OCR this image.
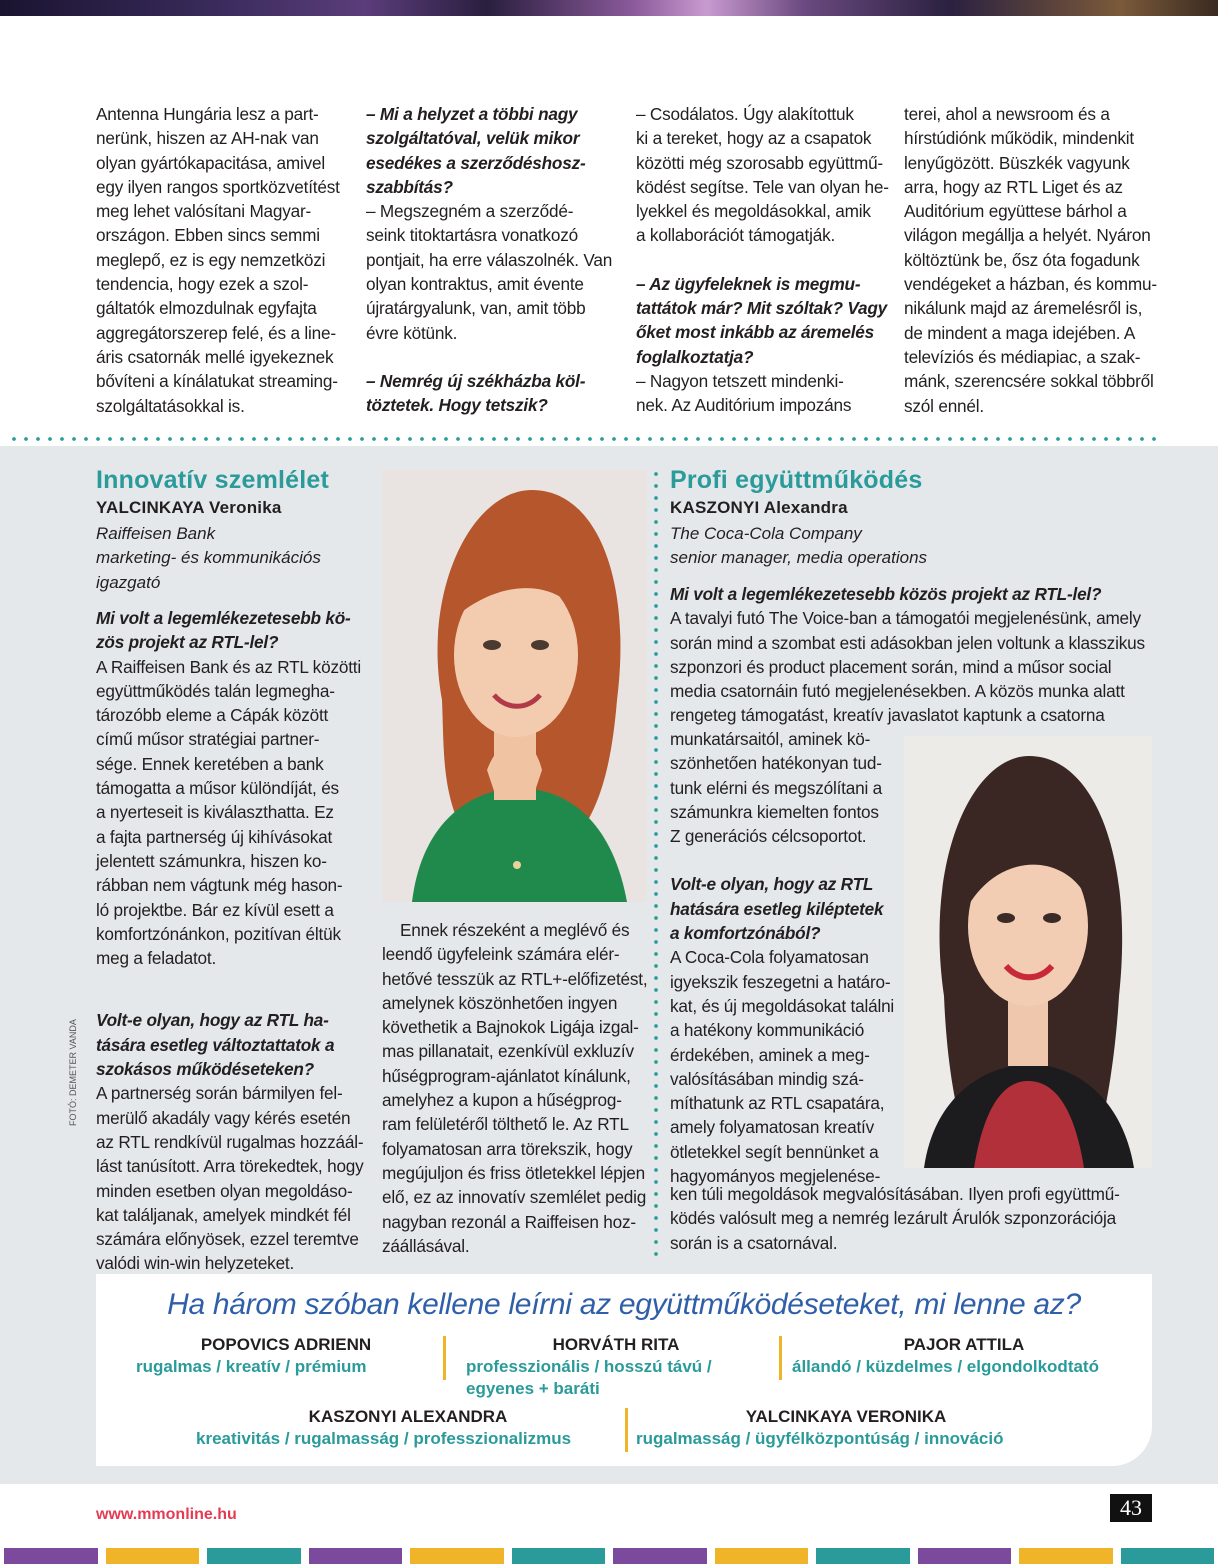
Antenna Hungária lesz a part-
nerünk, hiszen az AH-nak van
olyan gyártókapacitása, amivel
egy ilyen rangos sportközvetítést
meg lehet valósítani Magyar-
országon. Ebben sincs semmi
meglepő, ez is egy nemzetközi
tendencia, hogy ezek a szol-
gáltatók elmozdulnak egyfajta
aggregátorszerep felé, és a line-
áris csatornák mellé igyekeznek
bővíteni a kínálatukat streaming-
szolgáltatásokkal is.
– Mi a helyzet a többi nagy
szolgáltatóval, velük mikor
esedékes a szerződéshosz-
szabbítás?
– Megszegném a szerződé-
seink titoktartásra vonatkozó
pontjait, ha erre válaszolnék. Van
olyan kontraktus, amit évente
újratárgyalunk, van, amit több
évre kötünk.
– Nemrég új székházba köl-
töztetek. Hogy tetszik?
– Csodálatos. Úgy alakítottuk
ki a tereket, hogy az a csapatok
közötti még szorosabb együttmű-
ködést segítse. Tele van olyan he-
lyekkel és megoldásokkal, amik
a kollaborációt támogatják.
– Az ügyfeleknek is megmu-
tattátok már? Mit szóltak? Vagy
őket most inkább az áremelés
foglalkoztatja?
– Nagyon tetszett mindenki-
nek. Az Auditórium impozáns
terei, ahol a newsroom és a
hírstúdiónk működik, mindenkit
lenyűgözött. Büszkék vagyunk
arra, hogy az RTL Liget és az
Auditórium együttese bárhol a
világon megállja a helyét. Nyáron
költöztünk be, ősz óta fogadunk
vendégeket a házban, és kommu-
nikálunk majd az áremelésről is,
de mindent a maga idejében. A
televíziós és médiapiac, a szak-
mánk, szerencsére sokkal többről
szól ennél.
Innovatív szemlélet
YALCINKAYA Veronika
Raiffeisen Bank
marketing- és kommunikációs
igazgató
Mi volt a legemlékezetesebb kö-
zös projekt az RTL-lel?
A Raiffeisen Bank és az RTL közötti
együttműködés talán legmegha-
tározóbb eleme a Cápák között
című műsor stratégiai partner-
sége. Ennek keretében a bank
támogatta a műsor különdíját, és
a nyerteseit is kiválaszthatta. Ez
a fajta partnerség új kihívásokat
jelentett számunkra, hiszen ko-
rábban nem vágtunk még hason-
ló projektbe. Bár ez kívül esett a
komfortzónánkon, pozitívan éltük
meg a feladatot.
Volt-e olyan, hogy az RTL ha-
tására esetleg változtattatok a
szokásos működéseteken?
A partnerség során bármilyen fel-
merülő akadály vagy kérés esetén
az RTL rendkívül rugalmas hozzáál-
lást tanúsított. Arra törekedtek, hogy
minden esetben olyan megoldáso-
kat találjanak, amelyek mindkét fél
számára előnyösek, ezzel teremtve
valódi win-win helyzeteket.
Ennek részeként a meglévő és
leendő ügyfeleink számára elér-
hetővé tesszük az RTL+-előfizetést,
amelynek köszönhetően ingyen
követhetik a Bajnokok Ligája izgal-
mas pillanatait, ezenkívül exkluzív
hűségprogram-ajánlatot kínálunk,
amelyhez a kupon a hűségprog-
ram felületéről tölthető le. Az RTL
folyamatosan arra törekszik, hogy
megújuljon és friss ötletekkel lépjen
elő, ez az innovatív szemlélet pedig
nagyban rezonál a Raiffeisen hoz-
záállásával.
FOTÓ: DEMETER VANDA
Profi együttműködés
KASZONYI Alexandra
The Coca-Cola Company
senior manager, media operations
Mi volt a legemlékezetesebb közös projekt az RTL-lel?
A tavalyi futó The Voice-ban a támogatói megjelenésünk, amely
során mind a szombat esti adásokban jelen voltunk a klasszikus
szponzori és product placement során, mind a műsor social
media csatornáin futó megjelenésekben. A közös munka alatt
rengeteg támogatást, kreatív javaslatot kaptunk a csatorna
munkatársaitól, aminek kö-
szönhetően hatékonyan tud-
tunk elérni és megszólítani a
számunkra kiemelten fontos
Z generációs célcsoportot.
Volt-e olyan, hogy az RTL
hatására esetleg kiléptetek
a komfortzónából?
A Coca-Cola folyamatosan
igyekszik feszegetni a határo-
kat, és új megoldásokat találni
a hatékony kommunikáció
érdekében, aminek a meg-
valósításában mindig szá-
míthatunk az RTL csapatára,
amely folyamatosan kreatív
ötletekkel segít bennünket a
hagyományos megjelenése-
ken túli megoldások megvalósításában. Ilyen profi együttmű-
ködés valósult meg a nemrég lezárult Árulók szponzorációja
során is a csatornával.
Ha három szóban kellene leírni az együttműködéseteket, mi lenne az?
POPOVICS ADRIENN
rugalmas / kreatív / prémium
HORVÁTH RITA
professzionális / hosszú távú /
egyenes + baráti
PAJOR ATTILA
állandó / küzdelmes / elgondolkodtató
KASZONYI ALEXANDRA
kreativitás / rugalmasság / professzionalizmus
YALCINKAYA VERONIKA
rugalmasság / ügyfélközpontúság / innováció
www.mmonline.hu	43
